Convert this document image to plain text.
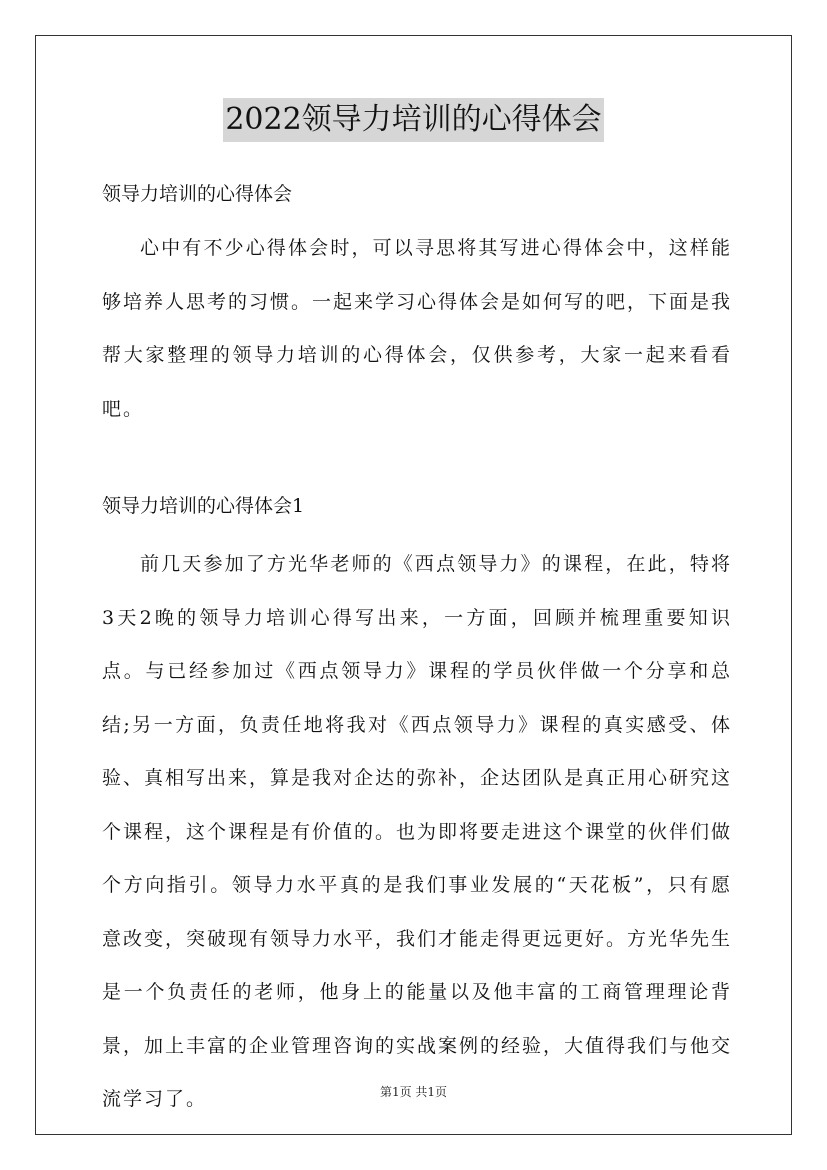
2022领导力培训的心得体会

领导力培训的心得体会

心中有不少心得体会时，可以寻思将其写进心得体会中，这样能够培养人思考的习惯。一起来学习心得体会是如何写的吧，下面是我帮大家整理的领导力培训的心得体会，仅供参考，大家一起来看看吧。

领导力培训的心得体会1

前几天参加了方光华老师的《西点领导力》的课程，在此，特将3天2晚的领导力培训心得写出来，一方面，回顾并梳理重要知识点。与已经参加过《西点领导力》课程的学员伙伴做一个分享和总结;另一方面，负责任地将我对《西点领导力》课程的真实感受、体验、真相写出来，算是我对企达的弥补，企达团队是真正用心研究这个课程，这个课程是有价值的。也为即将要走进这个课堂的伙伴们做个方向指引。领导力水平真的是我们事业发展的“天花板”，只有愿意改变，突破现有领导力水平，我们才能走得更远更好。方光华先生是一个负责任的老师，他身上的能量以及他丰富的工商管理理论背景，加上丰富的企业管理咨询的实战案例的经验，大值得我们与他交流学习了。	第1页 共1页
